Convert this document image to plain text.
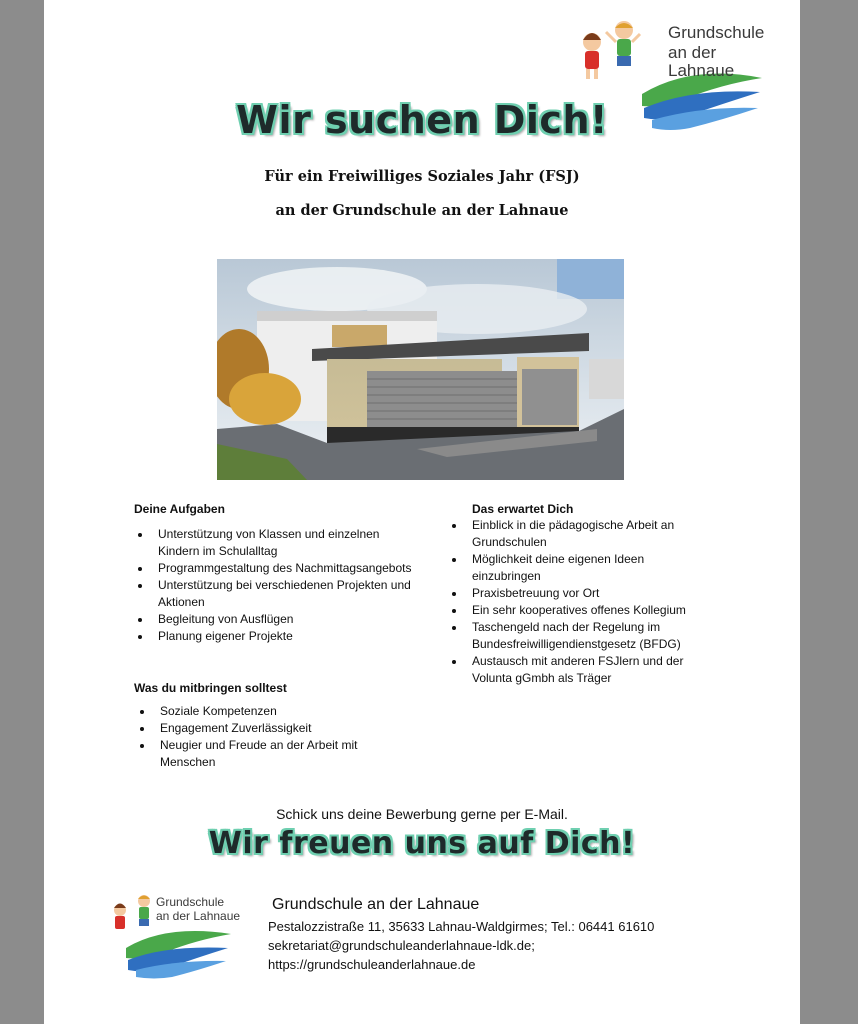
Grundschule
an der Lahnaue
Wir suchen Dich!
Für ein Freiwilliges Soziales Jahr (FSJ)
an der Grundschule an der Lahnaue
Deine Aufgaben
Unterstützung von Klassen und einzelnen Kindern im Schulalltag
Programmgestaltung des Nachmittagsangebots
Unterstützung bei verschiedenen Projekten und Aktionen
Begleitung von Ausflügen
Planung eigener Projekte
Was du mitbringen solltest
Soziale Kompetenzen
Engagement Zuverlässigkeit
Neugier und Freude an der Arbeit mit Menschen
Das erwartet Dich
Einblick in die pädagogische Arbeit an Grundschulen
Möglichkeit deine eigenen Ideen einzubringen
Praxisbetreuung vor Ort
Ein sehr kooperatives offenes Kollegium
Taschengeld nach der Regelung im Bundesfreiwilligendienstgesetz (BFDG)
Austausch mit anderen FSJlern und der Volunta gGmbh als Träger
Schick uns deine Bewerbung gerne per E-Mail.
Wir freuen uns auf Dich!
Grundschule
an der Lahnaue
Grundschule an der Lahnaue
Pestalozzistraße 11, 35633 Lahnau-Waldgirmes; Tel.: 06441 61610
sekretariat@grundschuleanderlahnaue-ldk.de;
https://grundschuleanderlahnaue.de
